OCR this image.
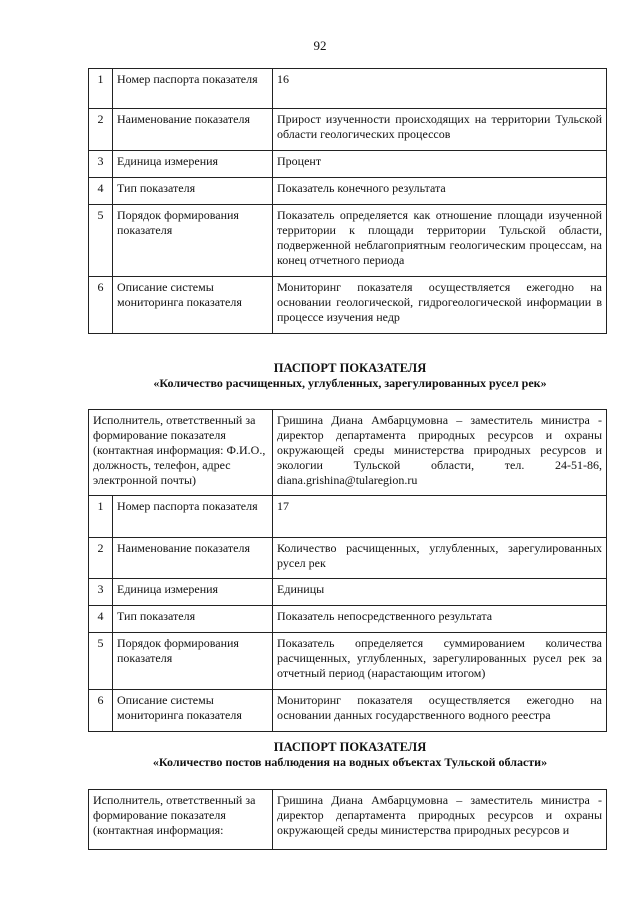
92
1	Номер паспорта показателя	16
2	Наименование показателя	Прирост изученности происходящих на территории Тульской области геологических процессов
3	Единица измерения	Процент
4	Тип показателя	Показатель конечного результата
5	Порядок формирования показателя	Показатель определяется как отношение площади изученной территории к площади территории Тульской области, подверженной неблагоприятным геологическим процессам, на конец отчетного периода
6	Описание системы мониторинга показателя	Мониторинг показателя осуществляется ежегодно на основании геологической, гидрогеологической информации в процессе изучения недр
ПАСПОРТ ПОКАЗАТЕЛЯ
«Количество расчищенных, углубленных, зарегулированных русел рек»
Исполнитель, ответственный за формирование показателя (контактная информация: Ф.И.О., должность, телефон, адрес электронной почты)		Гришина Диана Амбарцумовна – заместитель министра - директор департамента природных ресурсов и охраны окружающей среды министерства природных ресурсов и экологии Тульской области, тел. 24-51-86, diana.grishina@tularegion.ru
1	Номер паспорта показателя	17
2	Наименование показателя	Количество расчищенных, углубленных, зарегулированных русел рек
3	Единица измерения	Единицы
4	Тип показателя	Показатель непосредственного результата
5	Порядок формирования показателя	Показатель определяется суммированием количества расчищенных, углубленных, зарегулированных русел рек за отчетный период (нарастающим итогом)
6	Описание системы мониторинга показателя	Мониторинг показателя осуществляется ежегодно на основании данных государственного водного реестра
ПАСПОРТ ПОКАЗАТЕЛЯ
«Количество постов наблюдения на водных объектах Тульской области»
Исполнитель, ответственный за формирование показателя (контактная информация:	Гришина Диана Амбарцумовна – заместитель министра - директор департамента природных ресурсов и охраны окружающей среды министерства природных ресурсов и
